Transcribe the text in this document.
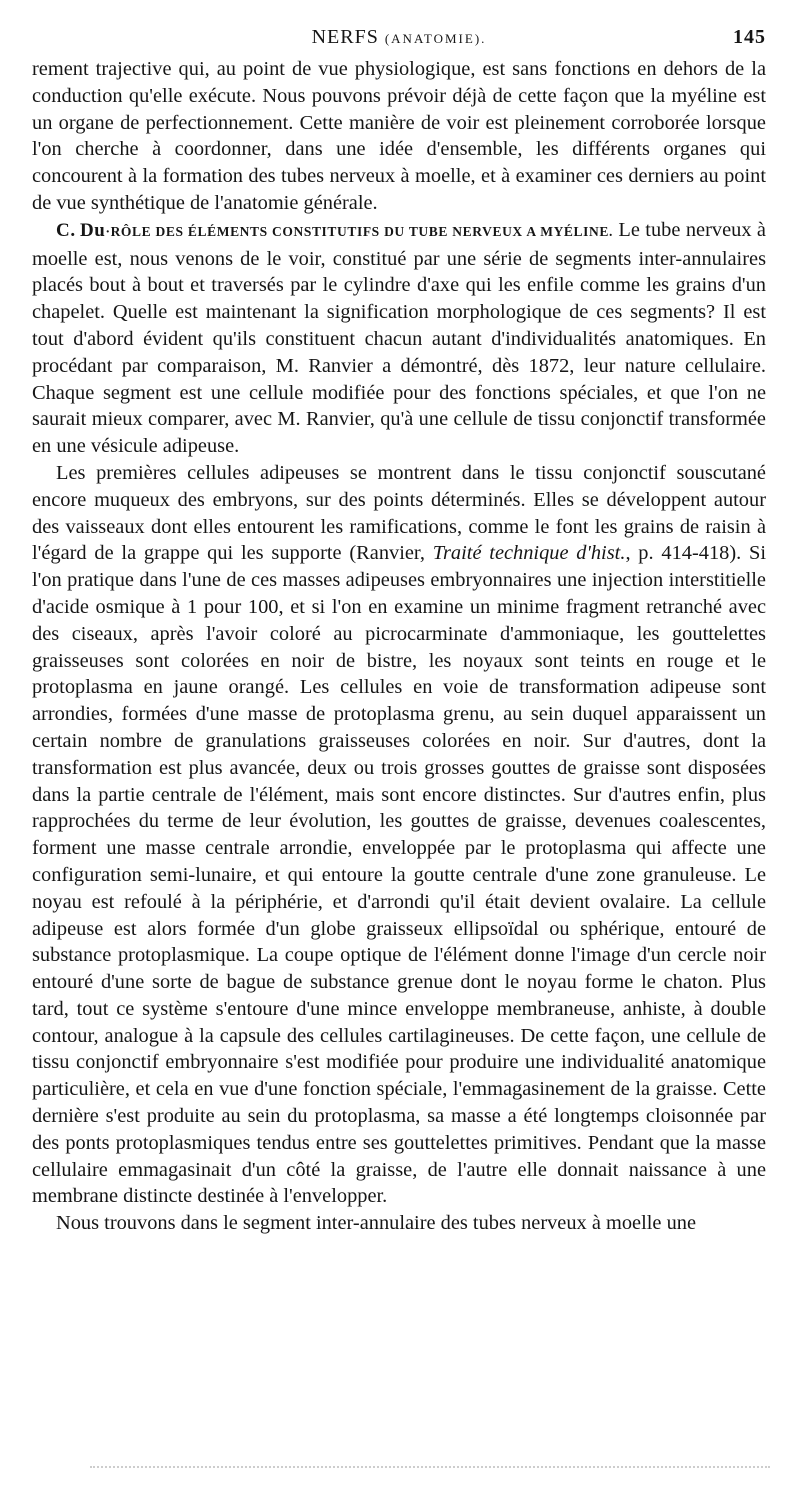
NERFS (ANATOMIE).	145

rement trajective qui, au point de vue physiologique, est sans fonctions en dehors de la conduction qu'elle exécute. Nous pouvons prévoir déjà de cette façon que la myéline est un organe de perfectionnement. Cette manière de voir est pleinement corroborée lorsque l'on cherche à coordonner, dans une idée d'ensemble, les différents organes qui concourent à la formation des tubes nerveux à moelle, et à examiner ces derniers au point de vue synthétique de l'anatomie générale.

C. Du·RÔLE DES ÉLÉMENTS CONSTITUTIFS DU TUBE NERVEUX A MYÉLINE. Le tube nerveux à moelle est, nous venons de le voir, constitué par une série de segments inter-annulaires placés bout à bout et traversés par le cylindre d'axe qui les enfile comme les grains d'un chapelet. Quelle est maintenant la signification morphologique de ces segments? Il est tout d'abord évident qu'ils constituent chacun autant d'individualités anatomiques. En procédant par comparaison, M. Ranvier a démontré, dès 1872, leur nature cellulaire. Chaque segment est une cellule modifiée pour des fonctions spéciales, et que l'on ne saurait mieux comparer, avec M. Ranvier, qu'à une cellule de tissu conjonctif transformée en une vésicule adipeuse.

Les premières cellules adipeuses se montrent dans le tissu conjonctif souscutané encore muqueux des embryons, sur des points déterminés. Elles se développent autour des vaisseaux dont elles entourent les ramifications, comme le font les grains de raisin à l'égard de la grappe qui les supporte (Ranvier, Traité technique d'hist., p. 414-418). Si l'on pratique dans l'une de ces masses adipeuses embryonnaires une injection interstitielle d'acide osmique à 1 pour 100, et si l'on en examine un minime fragment retranché avec des ciseaux, après l'avoir coloré au picrocarminate d'ammoniaque, les gouttelettes graisseuses sont colorées en noir de bistre, les noyaux sont teints en rouge et le protoplasma en jaune orangé. Les cellules en voie de transformation adipeuse sont arrondies, formées d'une masse de protoplasma grenu, au sein duquel apparaissent un certain nombre de granulations graisseuses colorées en noir. Sur d'autres, dont la transformation est plus avancée, deux ou trois grosses gouttes de graisse sont disposées dans la partie centrale de l'élément, mais sont encore distinctes. Sur d'autres enfin, plus rapprochées du terme de leur évolution, les gouttes de graisse, devenues coalescentes, forment une masse centrale arrondie, enveloppée par le protoplasma qui affecte une configuration semi-lunaire, et qui entoure la goutte centrale d'une zone granuleuse. Le noyau est refoulé à la périphérie, et d'arrondi qu'il était devient ovalaire. La cellule adipeuse est alors formée d'un globe graisseux ellipsoïdal ou sphérique, entouré de substance protoplasmique. La coupe optique de l'élément donne l'image d'un cercle noir entouré d'une sorte de bague de substance grenue dont le noyau forme le chaton. Plus tard, tout ce système s'entoure d'une mince enveloppe membraneuse, anhiste, à double contour, analogue à la capsule des cellules cartilagineuses. De cette façon, une cellule de tissu conjonctif embryonnaire s'est modifiée pour produire une individualité anatomique particulière, et cela en vue d'une fonction spéciale, l'emmagasinement de la graisse. Cette dernière s'est produite au sein du protoplasma, sa masse a été longtemps cloisonnée par des ponts protoplasmiques tendus entre ses gouttelettes primitives. Pendant que la masse cellulaire emmagasinait d'un côté la graisse, de l'autre elle donnait naissance à une membrane distincte destinée à l'envelopper.

Nous trouvons dans le segment inter-annulaire des tubes nerveux à moelle une
